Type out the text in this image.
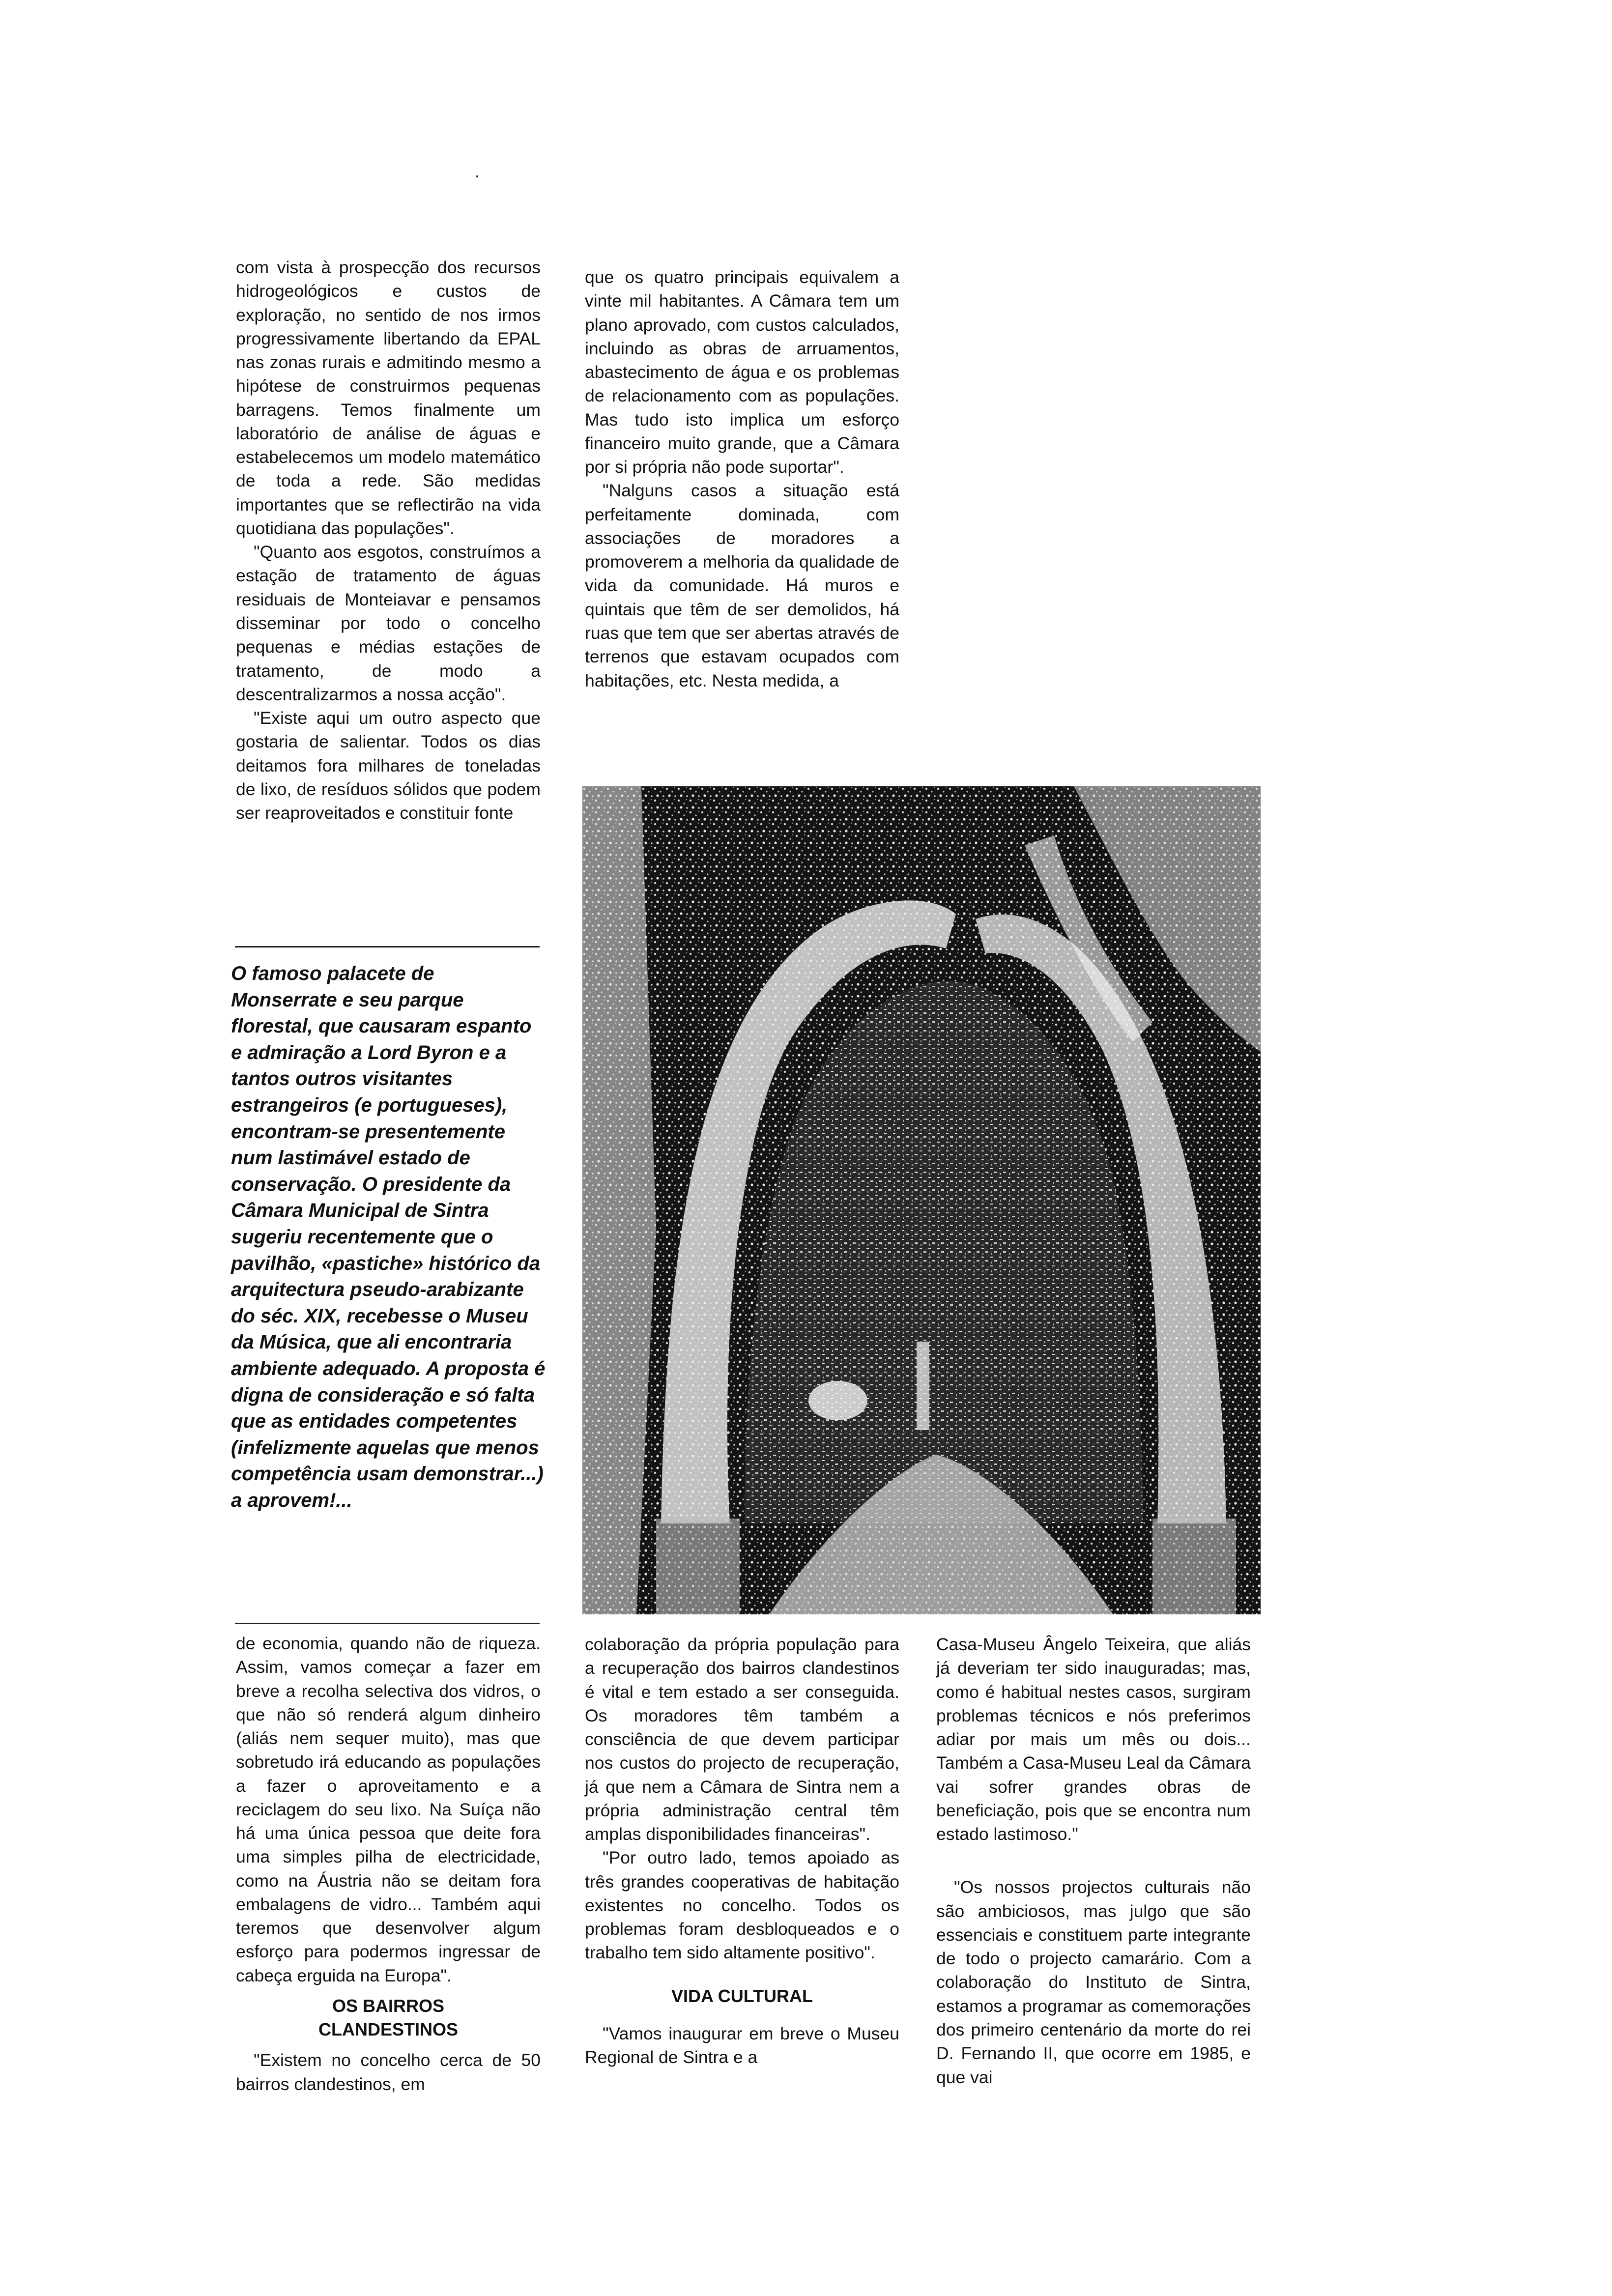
·

com vista à prospecção dos recursos hidrogeológicos e custos de exploração, no sentido de nos irmos progressivamente libertando da EPAL nas zonas rurais e admitindo mesmo a hipótese de construirmos pequenas barragens. Temos finalmente um laboratório de análise de águas e estabelecemos um modelo matemático de toda a rede. São medidas importantes que se reflectirão na vida quotidiana das populações".

"Quanto aos esgotos, construímos a estação de tratamento de águas residuais de Monteiavar e pensamos disseminar por todo o concelho pequenas e médias estações de tratamento, de modo a descentralizarmos a nossa acção".

"Existe aqui um outro aspecto que gostaria de salientar. Todos os dias deitamos fora milhares de toneladas de lixo, de resíduos sólidos que podem ser reaproveitados e constituir fonte

que os quatro principais equivalem a vinte mil habitantes. A Câmara tem um plano aprovado, com custos calculados, incluindo as obras de arruamentos, abastecimento de água e os problemas de relacionamento com as populações. Mas tudo isto implica um esforço financeiro muito grande, que a Câmara por si própria não pode suportar".

"Nalguns casos a situação está perfeitamente dominada, com associações de moradores a promoverem a melhoria da qualidade de vida da comunidade. Há muros e quintais que têm de ser demolidos, há ruas que tem que ser abertas através de terrenos que estavam ocupados com habitações, etc. Nesta medida, a

O famoso palacete de Monserrate e seu parque florestal, que causaram espanto e admiração a Lord Byron e a tantos outros visitantes estrangeiros (e portugueses), encontram-se presentemente num lastimável estado de conservação. O presidente da Câmara Municipal de Sintra sugeriu recentemente que o pavilhão, «pastiche» histórico da arquitectura pseudo-arabizante do séc. XIX, recebesse o Museu da Música, que ali encontraria ambiente adequado. A proposta é digna de consideração e só falta que as entidades competentes (infelizmente aquelas que menos competência usam demonstrar...) a aprovem!...

de economia, quando não de riqueza. Assim, vamos começar a fazer em breve a recolha selectiva dos vidros, o que não só renderá algum dinheiro (aliás nem sequer muito), mas que sobretudo irá educando as populações a fazer o aproveitamento e a reciclagem do seu lixo. Na Suíça não há uma única pessoa que deite fora uma simples pilha de electricidade, como na Áustria não se deitam fora embalagens de vidro... Também aqui teremos que desenvolver algum esforço para podermos ingressar de cabeça erguida na Europa".

OS BAIRROS
CLANDESTINOS

"Existem no concelho cerca de 50 bairros clandestinos, em

colaboração da própria população para a recuperação dos bairros clandestinos é vital e tem estado a ser conseguida. Os moradores têm também a consciência de que devem participar nos custos do projecto de recuperação, já que nem a Câmara de Sintra nem a própria administração central têm amplas disponibilidades financeiras".

"Por outro lado, temos apoiado as três grandes cooperativas de habitação existentes no concelho. Todos os problemas foram desbloqueados e o trabalho tem sido altamente positivo".

VIDA CULTURAL

"Vamos inaugurar em breve o Museu Regional de Sintra e a

Casa-Museu Ângelo Teixeira, que aliás já deveriam ter sido inauguradas; mas, como é habitual nestes casos, surgiram problemas técnicos e nós preferimos adiar por mais um mês ou dois... Também a Casa-Museu Leal da Câmara vai sofrer grandes obras de beneficiação, pois que se encontra num estado lastimoso."

"Os nossos projectos culturais não são ambiciosos, mas julgo que são essenciais e constituem parte integrante de todo o projecto camarário. Com a colaboração do Instituto de Sintra, estamos a programar as comemorações dos primeiro centenário da morte do rei D. Fernando II, que ocorre em 1985, e que vai
